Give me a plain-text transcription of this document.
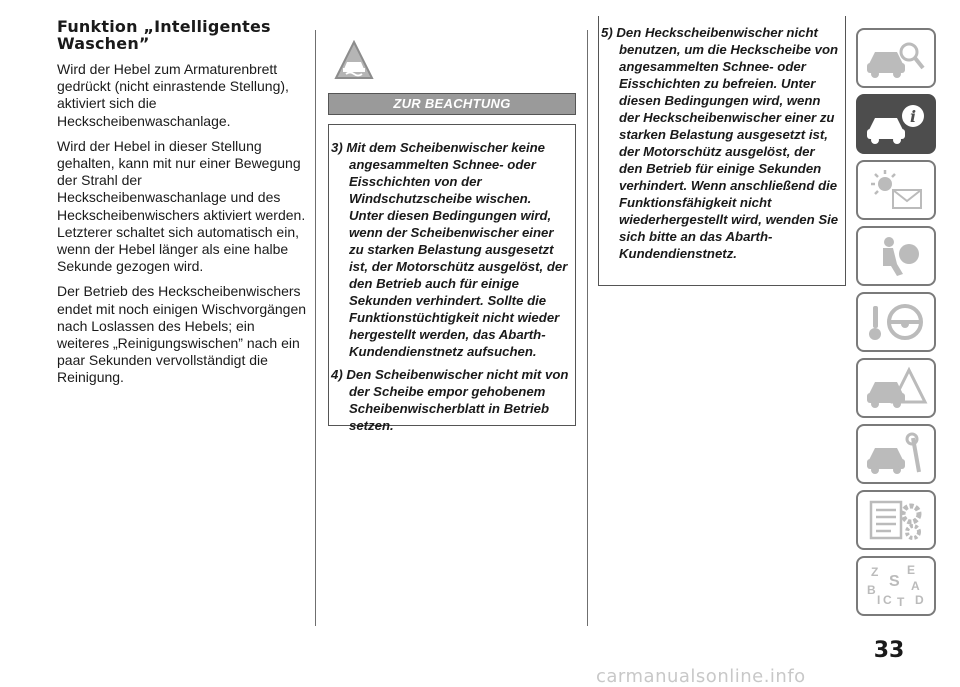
Funktion „Intelligentes Waschen”
Wird der Hebel zum Armaturenbrett gedrückt (nicht einrastende Stellung), aktiviert sich die Heckscheibenwaschanlage.
Wird der Hebel in dieser Stellung gehalten, kann mit nur einer Bewegung der Strahl der Heckscheibenwaschanlage und des Heckscheibenwischers aktiviert werden. Letzterer schaltet sich automatisch ein, wenn der Hebel länger als eine halbe Sekunde gezogen wird.
Der Betrieb des Heckscheibenwischers endet mit noch einigen Wischvorgängen nach Loslassen des Hebels; ein weiteres „Reinigungswischen” nach ein paar Sekunden vervollständigt die Reinigung.
ZUR BEACHTUNG
3) Mit dem Scheibenwischer keine angesammelten Schnee- oder Eisschichten von der Windschutzscheibe wischen. Unter diesen Bedingungen wird, wenn der Scheibenwischer einer zu starken Belastung ausgesetzt ist, der Motorschütz ausgelöst, der den Betrieb auch für einige Sekunden verhindert. Sollte die Funktionstüchtigkeit nicht wieder hergestellt werden, das Abarth-Kundendienstnetz aufsuchen.
4) Den Scheibenwischer nicht mit von der Scheibe empor gehobenem Scheibenwischerblatt in Betrieb setzen.
5) Den Heckscheibenwischer nicht benutzen, um die Heckscheibe von angesammelten Schnee- oder Eisschichten zu befreien. Unter diesen Bedingungen wird, wenn der Heckscheibenwischer einer zu starken Belastung ausgesetzt ist, der Motorschütz ausgelöst, der den Betrieb für einige Sekunden verhindert. Wenn anschließend die Funktionsfähigkeit nicht wiederhergestellt wird, wenden Sie sich bitte an das Abarth-Kundendienstnetz.
i
Z E
S A
B
C T D
I
33
carmanualsonline.info
